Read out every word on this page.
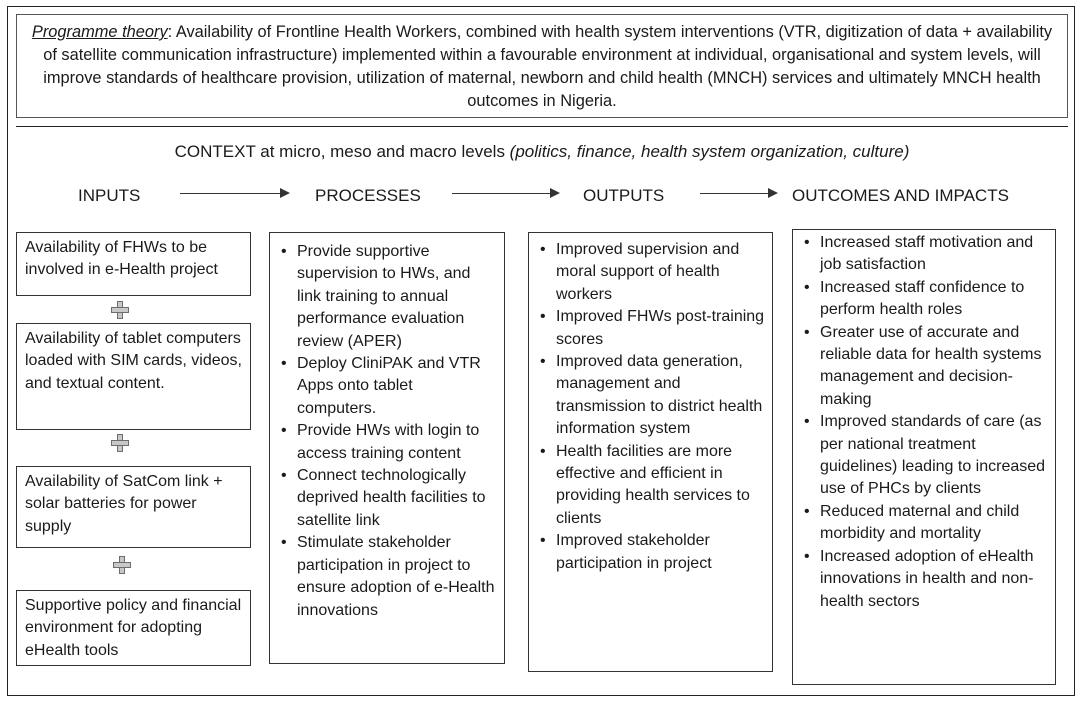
Programme theory: Availability of Frontline Health Workers, combined with health system interventions (VTR, digitization of data + availability of satellite communication infrastructure) implemented within a favourable environment at individual, organisational and system levels, will improve standards of healthcare provision, utilization of maternal, newborn and child health (MNCH) services and ultimately MNCH health outcomes in Nigeria.
CONTEXT at micro, meso and macro levels (politics, finance, health system organization, culture)
INPUTS	PROCESSES	OUTPUTS	OUTCOMES AND IMPACTS
Availability of FHWs to be involved in e-Health project
Availability of tablet computers loaded with SIM cards, videos, and textual content.
Availability of SatCom link + solar batteries for power supply
Supportive policy and financial environment for adopting eHealth tools
• Provide supportive supervision to HWs, and link training to annual performance evaluation review (APER)
• Deploy CliniPAK and VTR Apps onto tablet computers.
• Provide HWs with login to access training content
• Connect technologically deprived health facilities to satellite link
• Stimulate stakeholder participation in project to ensure adoption of e-Health innovations
• Improved supervision and moral support of health workers
• Improved FHWs post-training scores
• Improved data generation, management and transmission to district health information system
• Health facilities are more effective and efficient in providing health services to clients
• Improved stakeholder participation in project
• Increased staff motivation and job satisfaction
• Increased staff confidence to perform health roles
• Greater use of accurate and reliable data for health systems management and decision-making
• Improved standards of care (as per national treatment guidelines) leading to increased use of PHCs by clients
• Reduced maternal and child morbidity and mortality
• Increased adoption of eHealth innovations in health and non-health sectors
